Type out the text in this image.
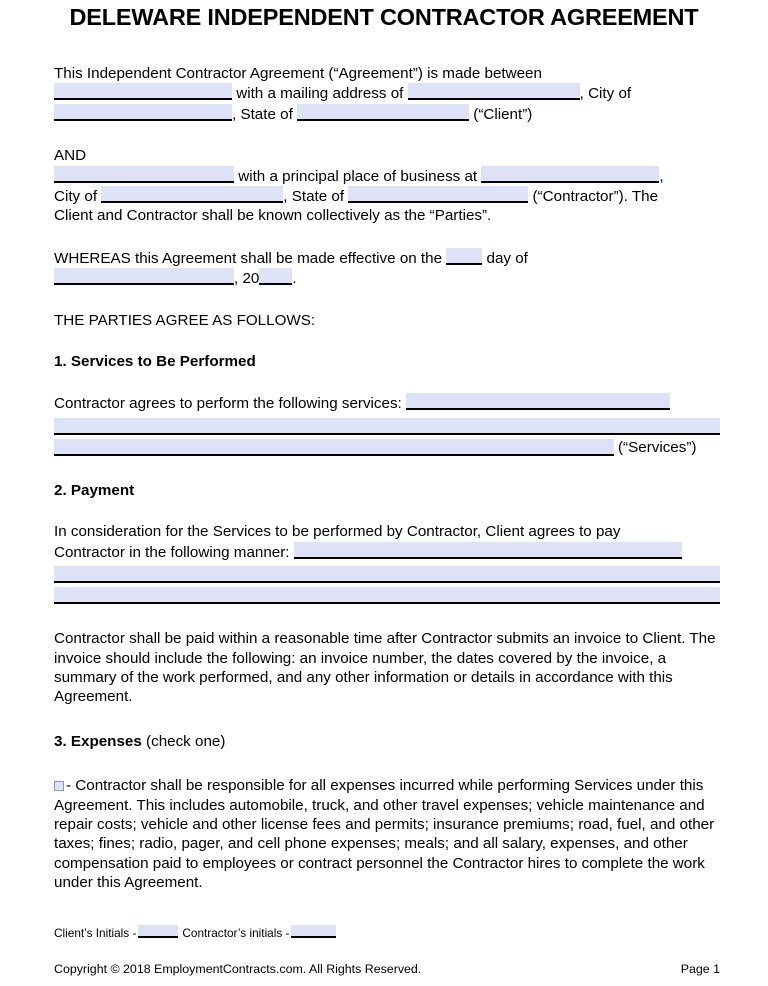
DELEWARE INDEPENDENT CONTRACTOR AGREEMENT
This Independent Contractor Agreement (“Agreement”) is made between
with a mailing address of	, City of
, State of	(“Client”)
AND
with a principal place of business at	,
City of	, State of	(“Contractor”). The
Client and Contractor shall be known collectively as the “Parties”.
WHEREAS this Agreement shall be made effective on the	day of
, 20 .
THE PARTIES AGREE AS FOLLOWS:
1. Services to Be Performed
Contractor agrees to perform the following services:
(“Services”)
2. Payment
In consideration for the Services to be performed by Contractor, Client agrees to pay
Contractor in the following manner:
Contractor shall be paid within a reasonable time after Contractor submits an invoice to Client. The invoice should include the following: an invoice number, the dates covered by the invoice, a summary of the work performed, and any other information or details in accordance with this Agreement.
3. Expenses (check one)
- Contractor shall be responsible for all expenses incurred while performing Services under this Agreement. This includes automobile, truck, and other travel expenses; vehicle maintenance and repair costs; vehicle and other license fees and permits; insurance premiums; road, fuel, and other taxes; fines; radio, pager, and cell phone expenses; meals; and all salary, expenses, and other compensation paid to employees or contract personnel the Contractor hires to complete the work under this Agreement.
Client’s Initials -	Contractor’s initials -
Copyright © 2018 EmploymentContracts.com. All Rights Reserved.	Page 1
